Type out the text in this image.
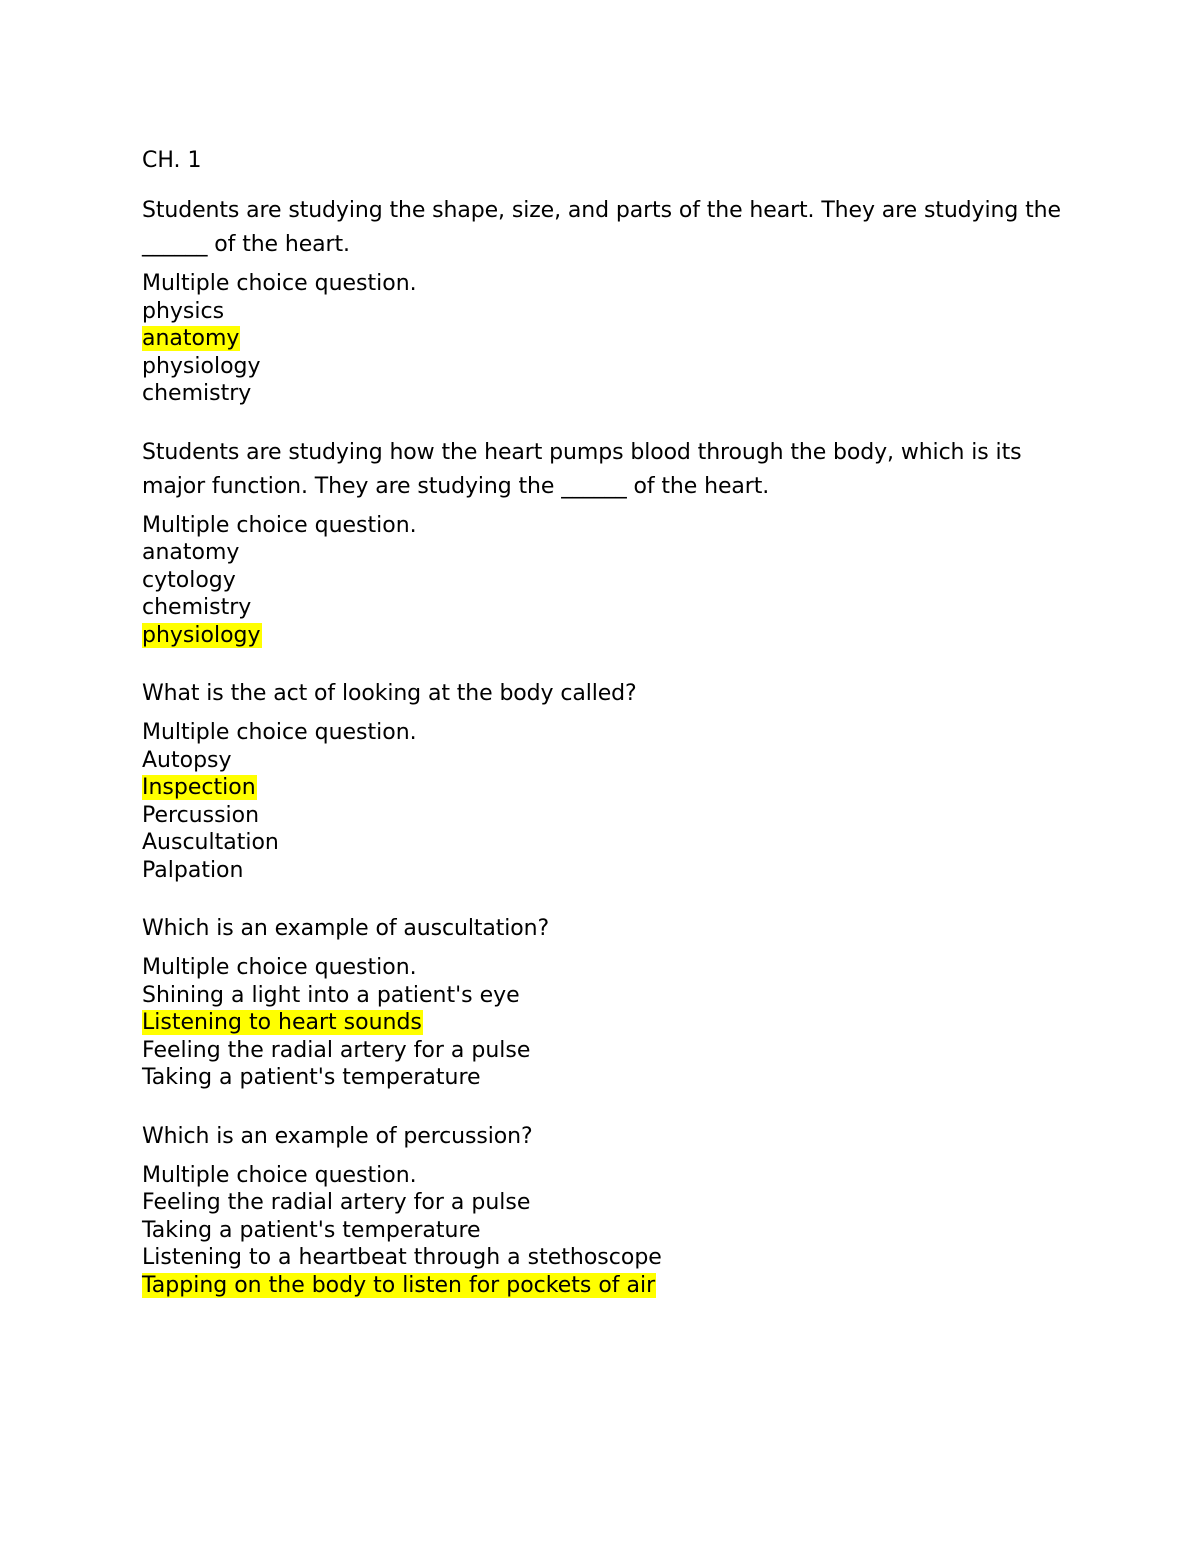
CH. 1

Students are studying the shape, size, and parts of the heart. They are studying the ______ of the heart.

Multiple choice question.

physics
anatomy
physiology
chemistry

Students are studying how the heart pumps blood through the body, which is its major function. They are studying the ______ of the heart.

Multiple choice question.

anatomy
cytology
chemistry
physiology

What is the act of looking at the body called?

Multiple choice question.

Autopsy
Inspection
Percussion
Auscultation
Palpation

Which is an example of auscultation?

Multiple choice question.

Shining a light into a patient's eye
Listening to heart sounds
Feeling the radial artery for a pulse
Taking a patient's temperature

Which is an example of percussion?

Multiple choice question.

Feeling the radial artery for a pulse
Taking a patient's temperature
Listening to a heartbeat through a stethoscope
Tapping on the body to listen for pockets of air
